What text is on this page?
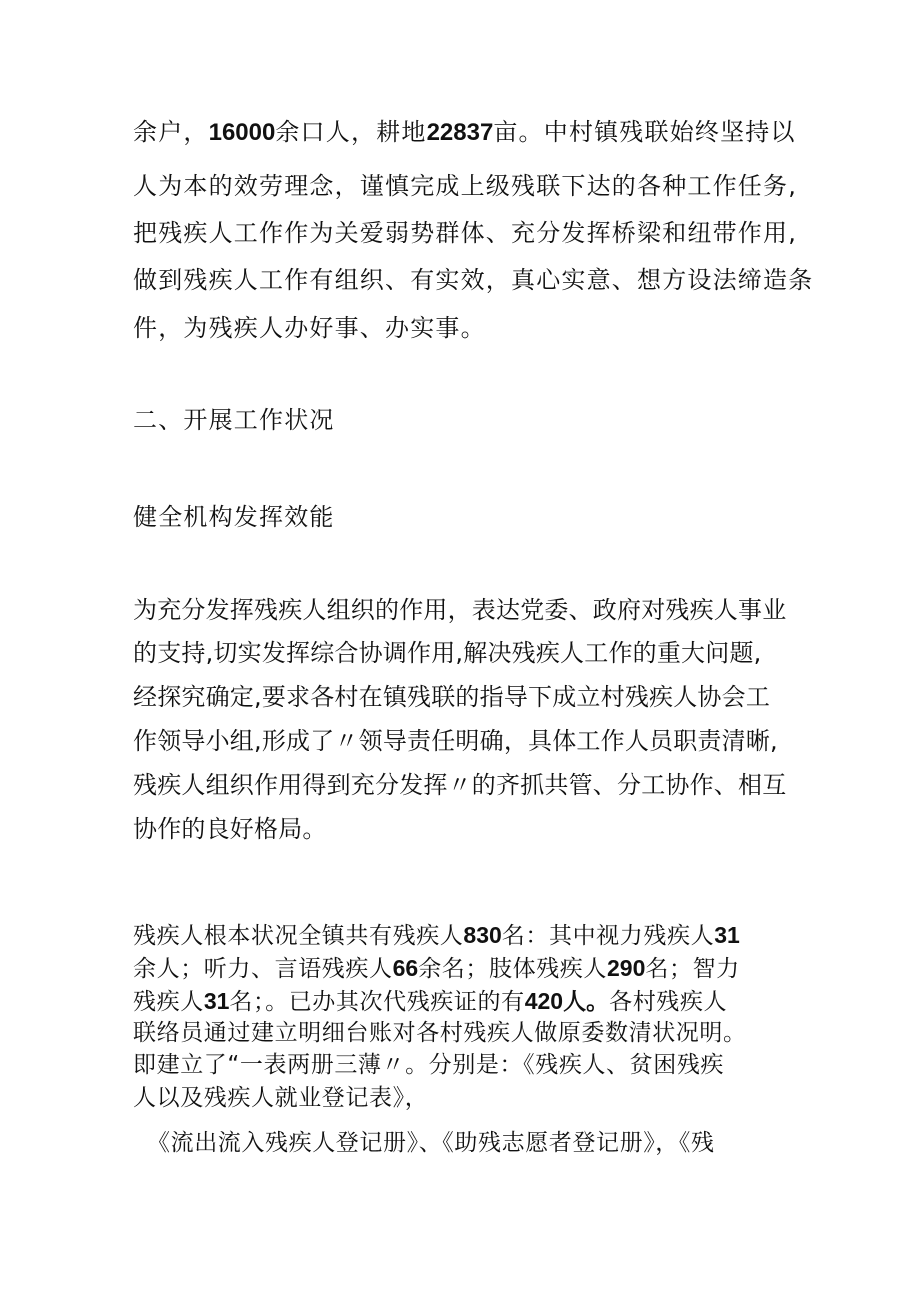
余户，16000余口人，耕地22837亩。中村镇残联始终坚持以
人为本的效劳理念，谨慎完成上级残联下达的各种工作任务,
把残疾人工作作为关爱弱势群体、充分发挥桥梁和纽带作用,
做到残疾人工作有组织、有实效，真心实意、想方设法缔造条
件，为残疾人办好事、办实事。
二、开展工作状况
健全机构发挥效能
为充分发挥残疾人组织的作用，表达党委、政府对残疾人事业
的支持,切实发挥综合协调作用,解决残疾人工作的重大问题,
经探究确定,要求各村在镇残联的指导下成立村残疾人协会工
作领导小组,形成了〃领导责任明确，具体工作人员职责清晰,
残疾人组织作用得到充分发挥〃的齐抓共管、分工协作、相互
协作的良好格局。
残疾人根本状况全镇共有残疾人830名：其中视力残疾人31
余人；听力、言语残疾人66余名；肢体残疾人290名；智力
残疾人31名；。已办其次代残疾证的有420人。各村残疾人
联络员通过建立明细台账对各村残疾人做原委数清状况明。
即建立了“一表两册三薄〃。分别是：《残疾人、贫困残疾
人以及残疾人就业登记表》，
《流出流入残疾人登记册》、《助残志愿者登记册》，《残
